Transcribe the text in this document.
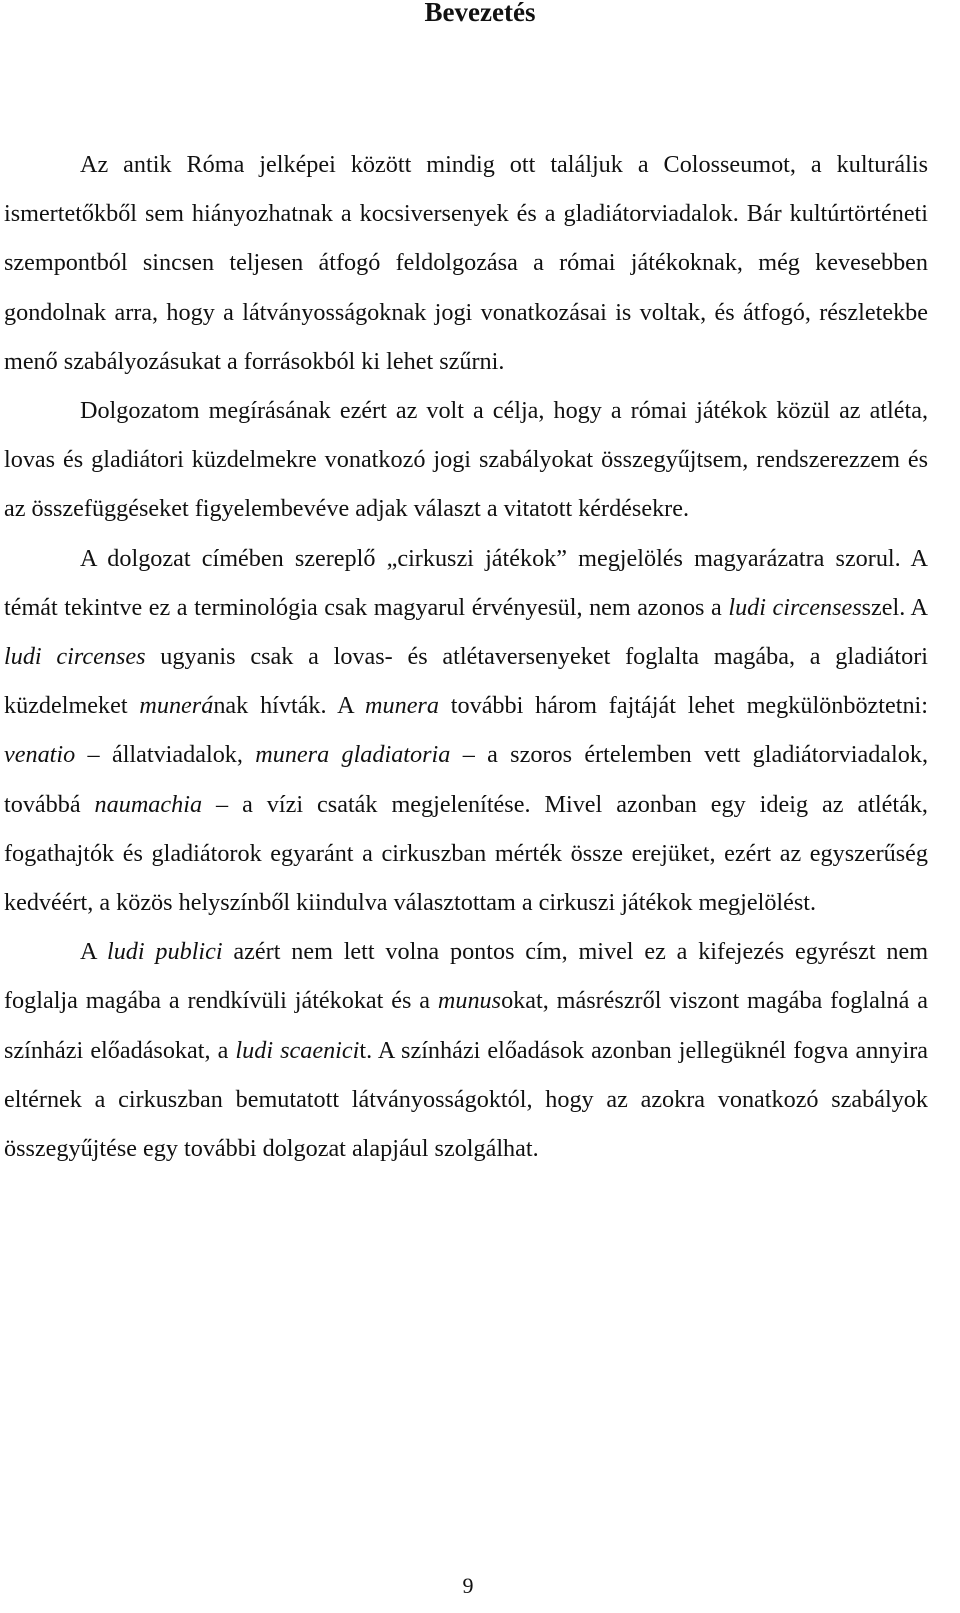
Bevezetés

Az antik Róma jelképei között mindig ott találjuk a Colosseumot, a kulturális ismertetőkből sem hiányozhatnak a kocsiversenyek és a gladiátorviadalok. Bár kultúrtörténeti szempontból sincsen teljesen átfogó feldolgozása a római játékoknak, még kevesebben gondolnak arra, hogy a látványosságoknak jogi vonatkozásai is voltak, és átfogó, részletekbe menő szabályozásukat a forrásokból ki lehet szűrni.

Dolgozatom megírásának ezért az volt a célja, hogy a római játékok közül az atléta, lovas és gladiátori küzdelmekre vonatkozó jogi szabályokat összegyűjtsem, rendszerezzem és az összefüggéseket figyelembevéve adjak választ a vitatott kérdésekre.

A dolgozat címében szereplő „cirkuszi játékok” megjelölés magyarázatra szorul. A témát tekintve ez a terminológia csak magyarul érvényesül, nem azonos a ludi circensesszel. A ludi circenses ugyanis csak a lovas- és atlétaversenyeket foglalta magába, a gladiátori küzdelmeket munerának hívták. A munera további három fajtáját lehet megkülönböztetni: venatio – állatviadalok, munera gladiatoria – a szoros értelemben vett gladiátorviadalok, továbbá naumachia – a vízi csaták megjelenítése. Mivel azonban egy ideig az atléták, fogathajtók és gladiátorok egyaránt a cirkuszban mérték össze erejüket, ezért az egyszerűség kedvéért, a közös helyszínből kiindulva választottam a cirkuszi játékok megjelölést.

A ludi publici azért nem lett volna pontos cím, mivel ez a kifejezés egyrészt nem foglalja magába a rendkívüli játékokat és a munusokat, másrészről viszont magába foglalná a színházi előadásokat, a ludi scaenicit. A színházi előadások azonban jellegüknél fogva annyira eltérnek a cirkuszban bemutatott látványosságoktól, hogy az azokra vonatkozó szabályok összegyűjtése egy további dolgozat alapjául szolgálhat.

9
